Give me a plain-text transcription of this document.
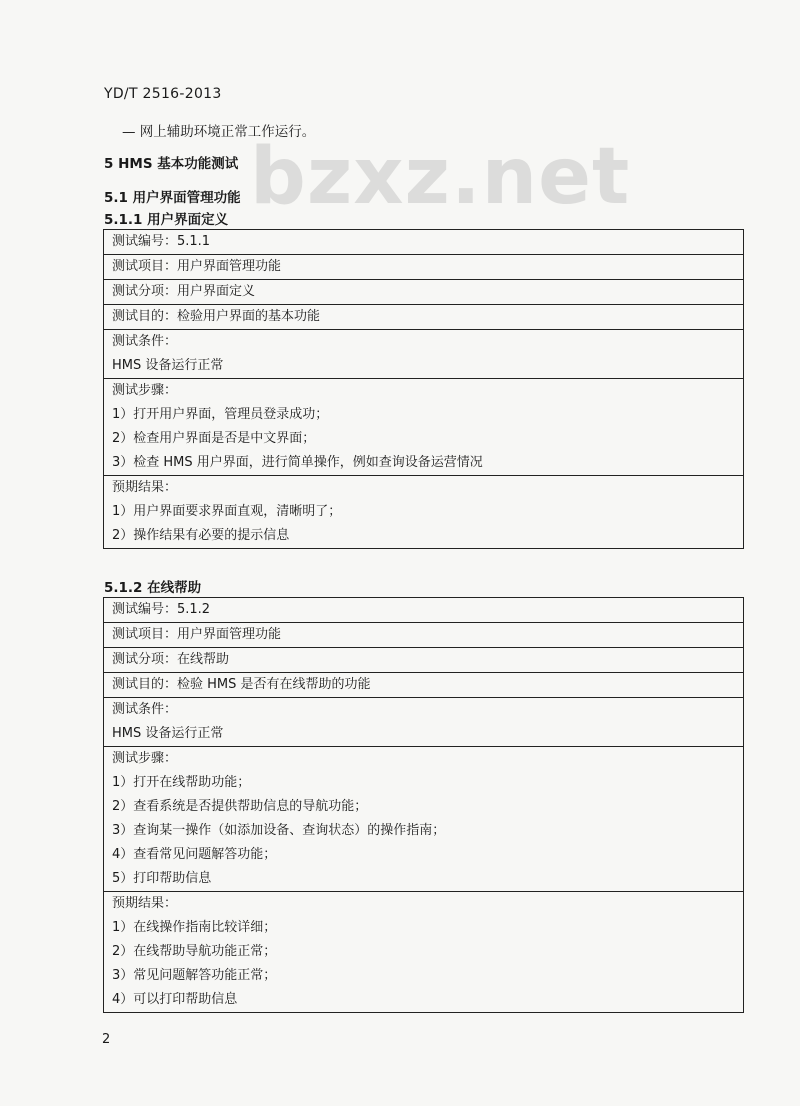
bzxz.net
YD/T 2516-2013
— 网上辅助环境正常工作运行。
5 HMS 基本功能测试
5.1 用户界面管理功能
5.1.1 用户界面定义
测试编号：5.1.1

测试项目：用户界面管理功能

测试分项：用户界面定义

测试目的：检验用户界面的基本功能

测试条件：
HMS 设备运行正常

测试步骤：
1）打开用户界面，管理员登录成功；
2）检查用户界面是否是中文界面；
3）检查 HMS 用户界面，进行简单操作，例如查询设备运营情况

预期结果：
1）用户界面要求界面直观，清晰明了；
2）操作结果有必要的提示信息
5.1.2 在线帮助
测试编号：5.1.2

测试项目：用户界面管理功能

测试分项：在线帮助

测试目的：检验 HMS 是否有在线帮助的功能

测试条件：
HMS 设备运行正常

测试步骤：
1）打开在线帮助功能；
2）查看系统是否提供帮助信息的导航功能；
3）查询某一操作（如添加设备、查询状态）的操作指南；
4）查看常见问题解答功能；
5）打印帮助信息

预期结果：
1）在线操作指南比较详细；
2）在线帮助导航功能正常；
3）常见问题解答功能正常；
4）可以打印帮助信息
2
